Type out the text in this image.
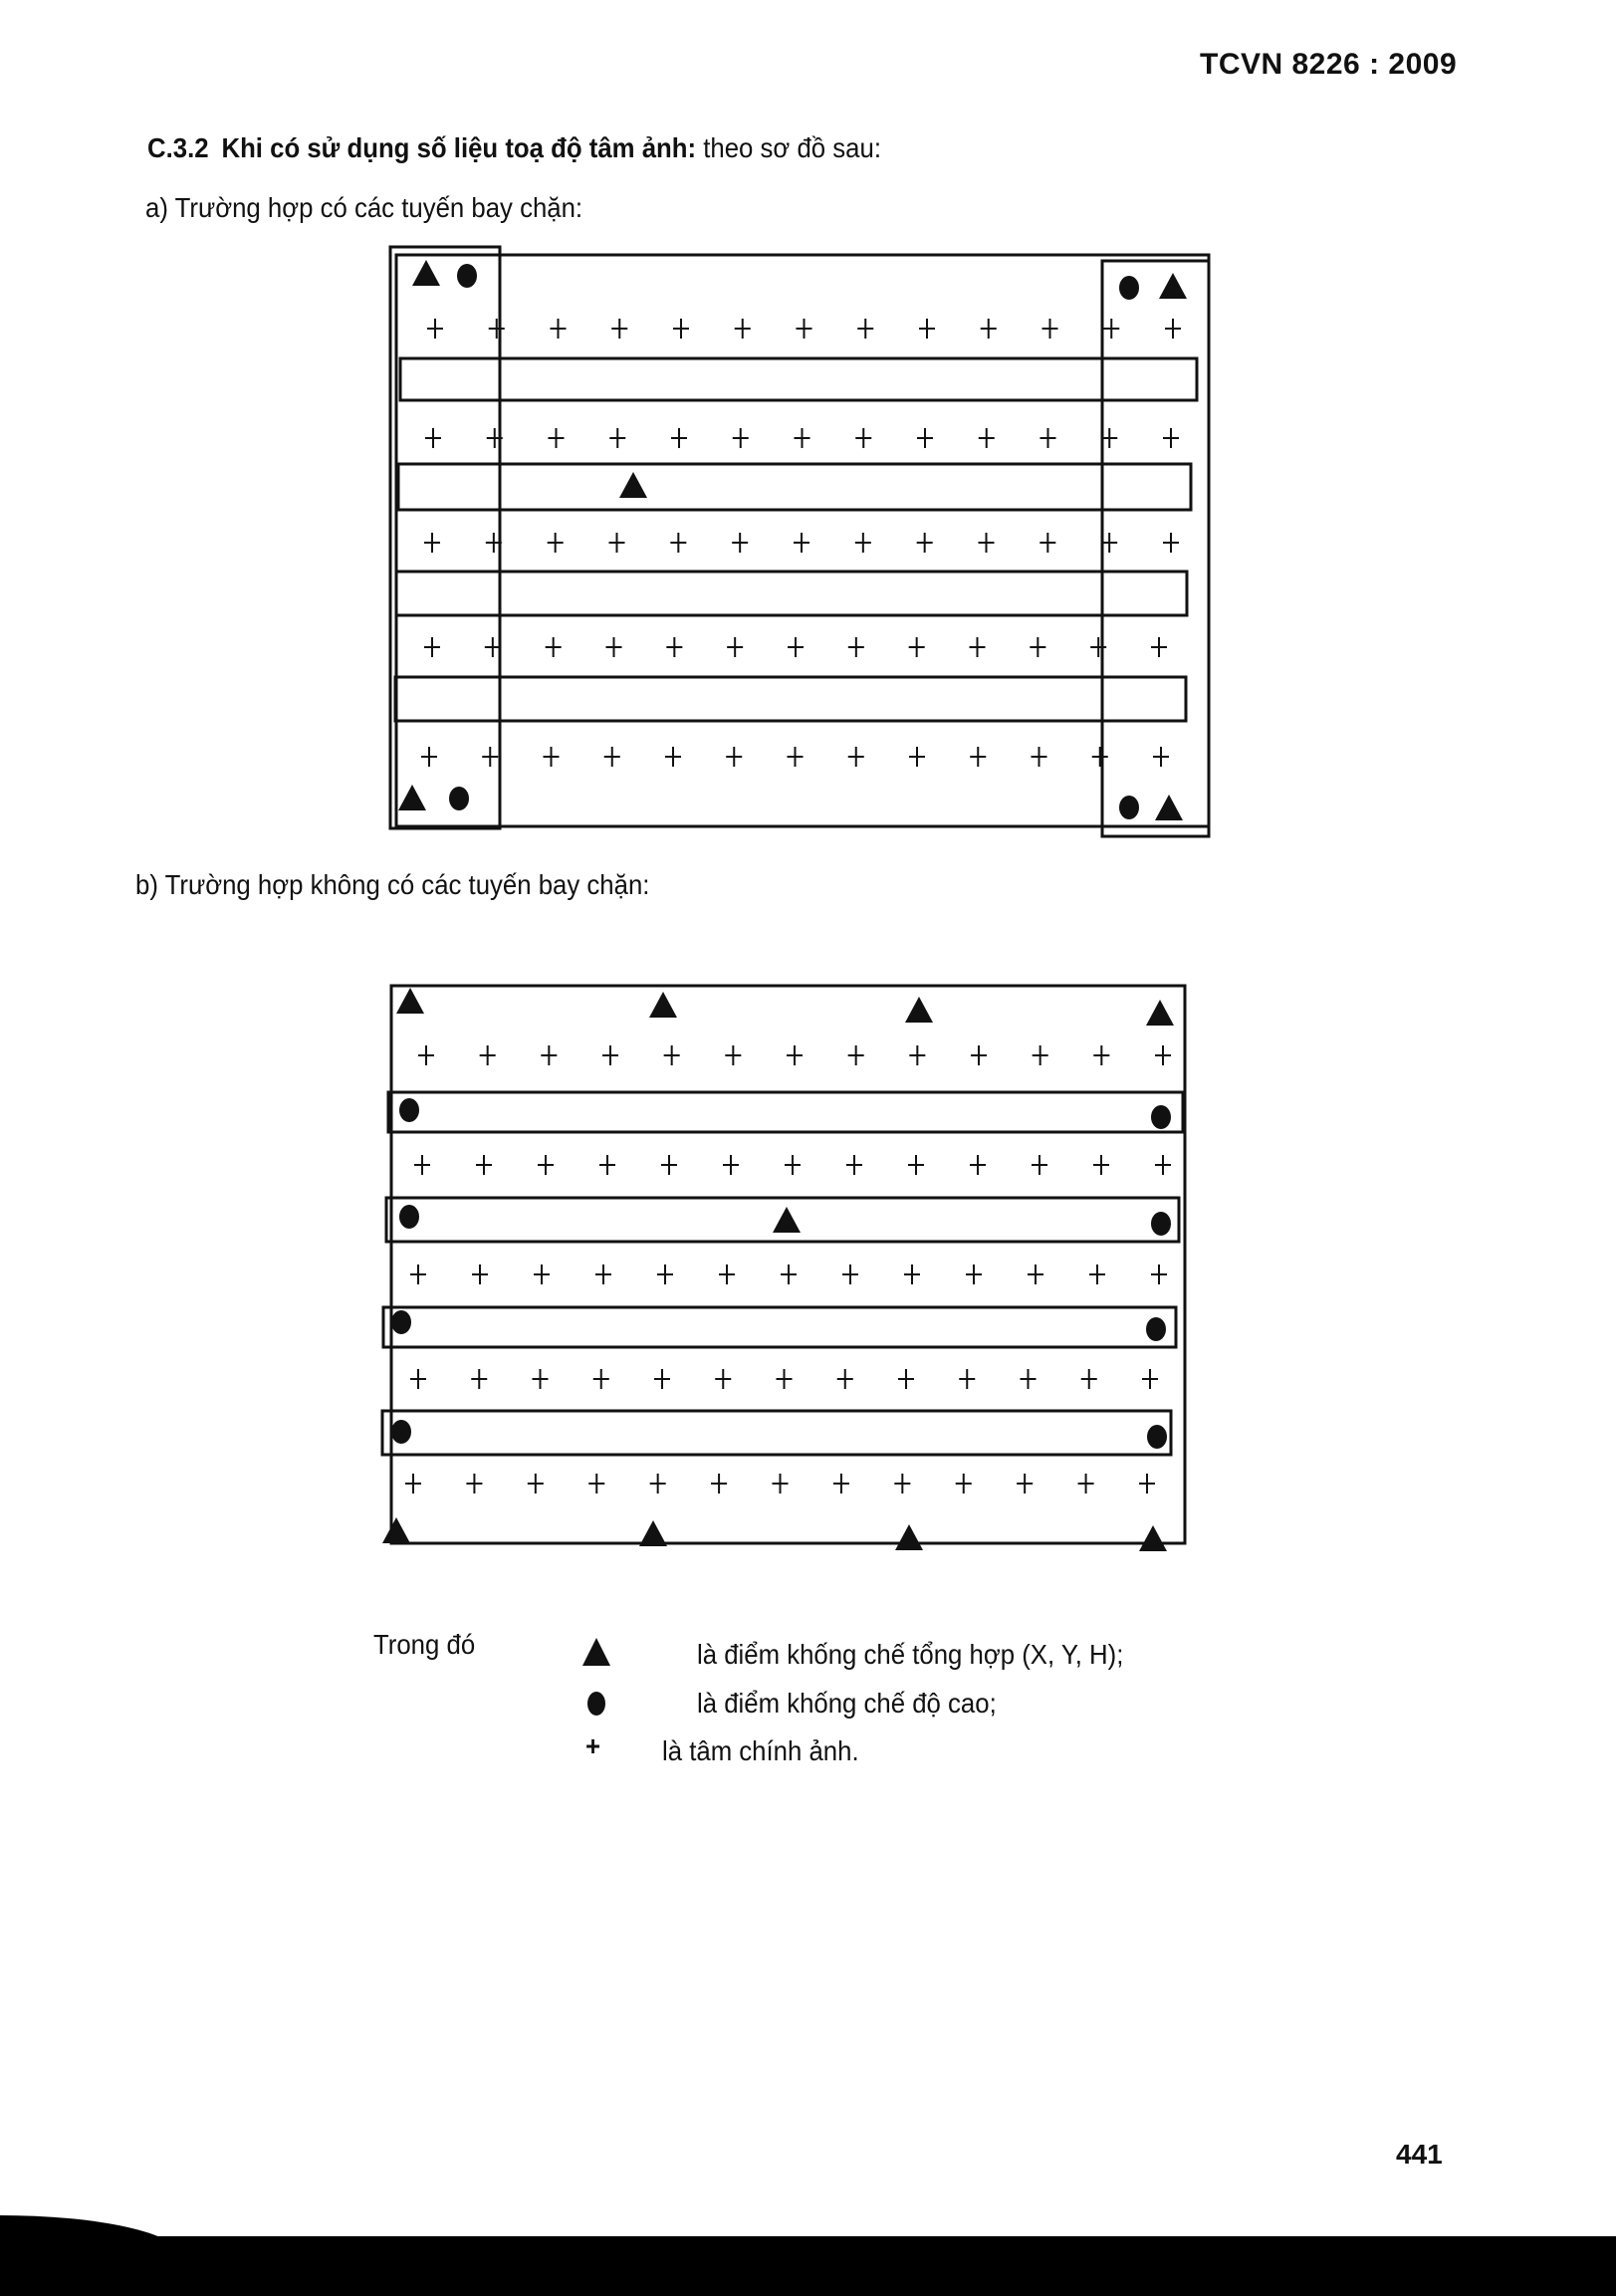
TCVN 8226 : 2009
C.3.2 Khi có sử dụng số liệu toạ độ tâm ảnh: theo sơ đồ sau:
a) Trường hợp có các tuyến bay chặn:
b) Trường hợp không có các tuyến bay chặn:
Trong đó
+
là điểm khống chế tổng hợp (X, Y, H);
là điểm khống chế độ cao;
là tâm chính ảnh.
441
